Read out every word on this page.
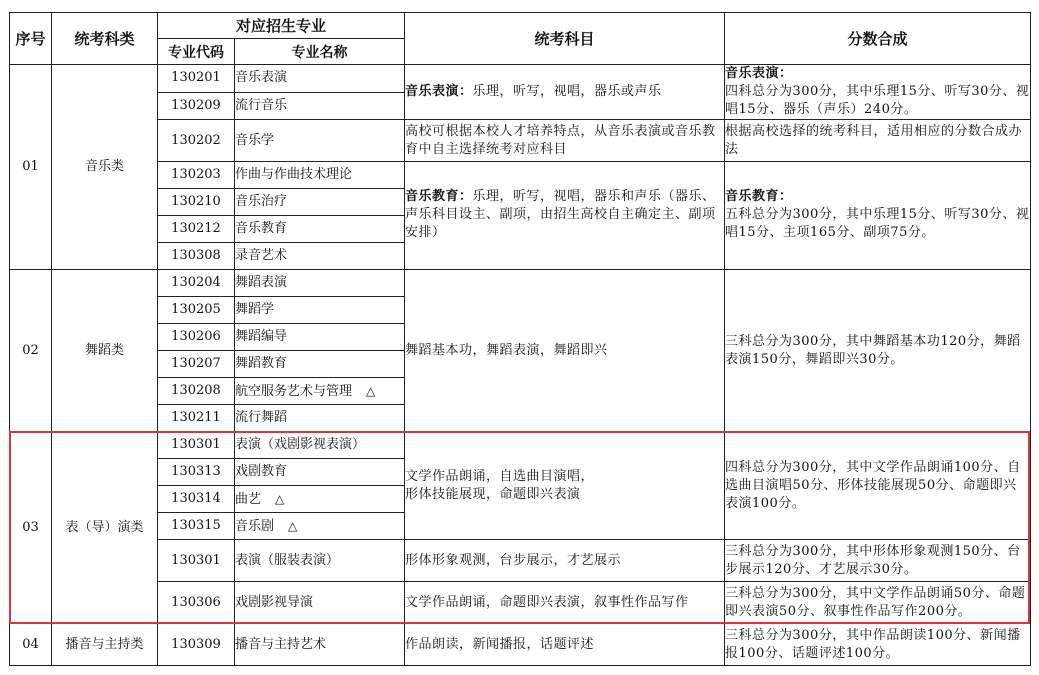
序号	统考科类	对应招生专业		统考科目	分数合成
		专业代码	专业名称		
01	音乐类	130201	音乐表演	音乐表演：乐理，听写，视唱，器乐或声乐	音乐表演：
四科总分为300分，其中乐理15分、听写30分、视唱15分、器乐（声乐）240分。

		130209	流行音乐		
		130202	音乐学	高校可根据本校人才培养特点，从音乐表演或音乐教育中自主选择统考对应科目	根据高校选择的统考科目，适用相应的分数合成办法
		130203	作曲与作曲技术理论	音乐教育：乐理，听写，视唱，器乐和声乐（器乐、声乐科目设主、副项，由招生高校自主确定主、副项安排）	音乐教育：
五科总分为300分，其中乐理15分、听写30分、视唱15分、主项165分、副项75分。

		130210	音乐治疗		
		130212	音乐教育		
		130308	录音艺术		
02	舞蹈类	130204	舞蹈表演	舞蹈基本功，舞蹈表演，舞蹈即兴	三科总分为300分，其中舞蹈基本功120分，舞蹈表演150分，舞蹈即兴30分。
		130205	舞蹈学		
		130206	舞蹈编导		
		130207	舞蹈教育		
		130208	航空服务艺术与管理 △		
		130211	流行舞蹈		
03	表（导）演类	130301	表演（戏剧影视表演）	文学作品朗诵，自选曲目演唱，
形体技能展现，命题即兴表演	四科总分为300分，其中文学作品朗诵100分、自选曲目演唱50分、形体技能展现50分、命题即兴表演100分。
		130313	戏剧教育		
		130314	曲艺 △		
		130315	音乐剧 △		
		130301	表演（服装表演）	形体形象观测，台步展示，才艺展示	三科总分为300分，其中形体形象观测150分、台步展示120分、才艺展示30分。
		130306	戏剧影视导演	文学作品朗诵，命题即兴表演，叙事性作品写作	三科总分为300分，其中文学作品朗诵50分、命题即兴表演50分、叙事性作品写作200分。
04	播音与主持类	130309	播音与主持艺术	作品朗读，新闻播报，话题评述	三科总分为300分，其中作品朗读100分、新闻播报100分、话题评述100分。
